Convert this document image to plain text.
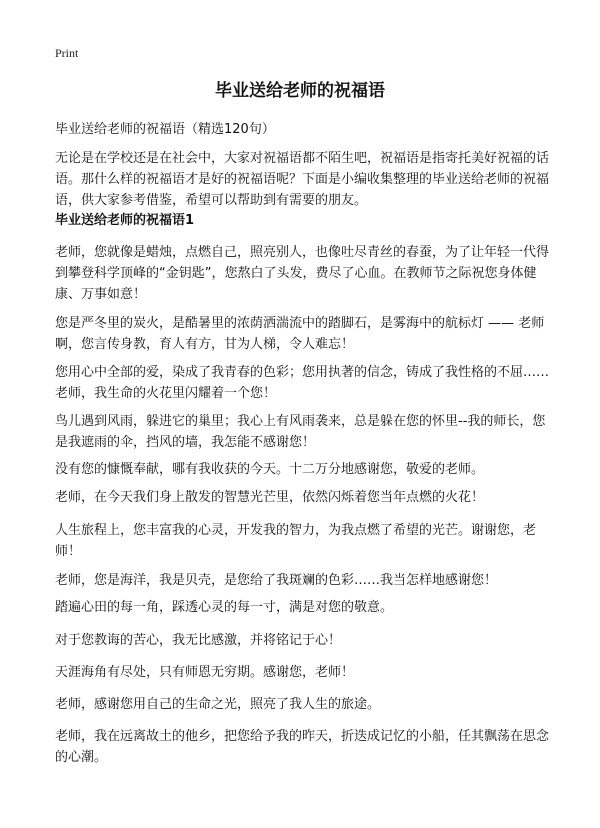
Print
毕业送给老师的祝福语

毕业送给老师的祝福语（精选120句）

无论是在学校还是在社会中，大家对祝福语都不陌生吧，祝福语是指寄托美好祝福的话语。那什么样的祝福语才是好的祝福语呢？下面是小编收集整理的毕业送给老师的祝福语，供大家参考借鉴，希望可以帮助到有需要的朋友。

毕业送给老师的祝福语1

老师，您就像是蜡烛，点燃自己，照亮别人，也像吐尽青丝的春蚕，为了让年轻一代得到攀登科学顶峰的“金钥匙”，您熬白了头发，费尽了心血。在教师节之际祝您身体健康、万事如意！

您是严冬里的炭火，是酷暑里的浓荫洒湍流中的踏脚石，是雾海中的航标灯 —— 老师啊，您言传身教，育人有方，甘为人梯，令人难忘！

您用心中全部的爱，染成了我青春的色彩；您用执著的信念，铸成了我性格的不屈……老师，我生命的火花里闪耀着一个您！

鸟儿遇到风雨，躲进它的巢里；我心上有风雨袭来，总是躲在您的怀里--我的师长，您是我遮雨的伞，挡风的墙，我怎能不感谢您！

没有您的慷慨奉献，哪有我收获的今天。十二万分地感谢您，敬爱的老师。

老师，在今天我们身上散发的智慧光芒里，依然闪烁着您当年点燃的火花！

人生旅程上，您丰富我的心灵，开发我的智力，为我点燃了希望的光芒。谢谢您，老师！

老师，您是海洋，我是贝壳，是您给了我斑斓的色彩……我当怎样地感谢您！

踏遍心田的每一角，踩透心灵的每一寸，满是对您的敬意。

对于您教诲的苦心，我无比感激，并将铭记于心！

天涯海角有尽处，只有师恩无穷期。感谢您，老师！

老师，感谢您用自己的生命之光，照亮了我人生的旅途。

老师，我在远离故土的他乡，把您给予我的昨天，折迭成记忆的小船，任其飘荡在思念的心潮。
